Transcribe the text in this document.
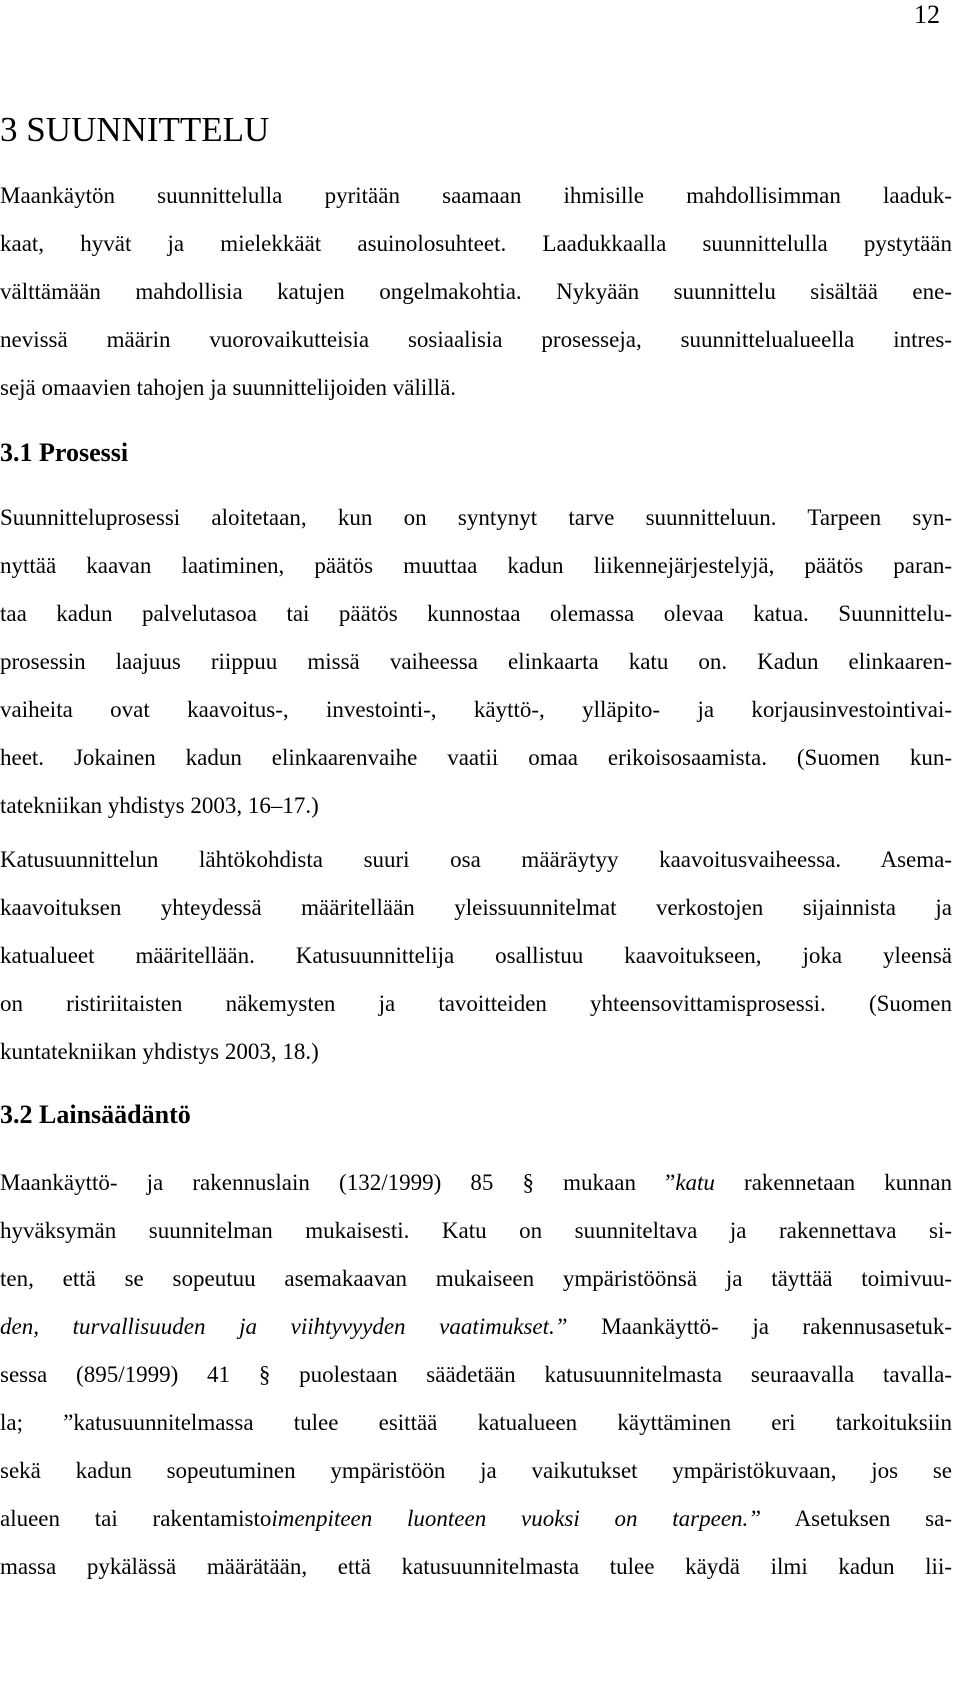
12
3 SUUNNITTELU
Maankäytön suunnittelulla pyritään saamaan ihmisille mahdollisimman laaduk-
kaat, hyvät ja mielekkäät asuinolosuhteet. Laadukkaalla suunnittelulla pystytään
välttämään mahdollisia katujen ongelmakohtia. Nykyään suunnittelu sisältää ene-
nevissä määrin vuorovaikutteisia sosiaalisia prosesseja, suunnittelualueella intres-
sejä omaavien tahojen ja suunnittelijoiden välillä.
3.1 Prosessi
Suunnitteluprosessi aloitetaan, kun on syntynyt tarve suunnitteluun. Tarpeen syn-
nyttää kaavan laatiminen, päätös muuttaa kadun liikennejärjestelyjä, päätös paran-
taa kadun palvelutasoa tai päätös kunnostaa olemassa olevaa katua. Suunnittelu-
prosessin laajuus riippuu missä vaiheessa elinkaarta katu on. Kadun elinkaaren-
vaiheita ovat kaavoitus-, investointi-, käyttö-, ylläpito- ja korjausinvestointivai-
heet. Jokainen kadun elinkaarenvaihe vaatii omaa erikoisosaamista. (Suomen kun-
tatekniikan yhdistys 2003, 16–17.)
Katusuunnittelun lähtökohdista suuri osa määräytyy kaavoitusvaiheessa. Asema-
kaavoituksen yhteydessä määritellään yleissuunnitelmat verkostojen sijainnista ja
katualueet määritellään. Katusuunnittelija osallistuu kaavoitukseen, joka yleensä
on ristiriitaisten näkemysten ja tavoitteiden yhteensovittamisprosessi. (Suomen
kuntatekniikan yhdistys 2003, 18.)
3.2 Lainsäädäntö
Maankäyttö- ja rakennuslain (132/1999) 85 § mukaan ”katu rakennetaan kunnan
hyväksymän suunnitelman mukaisesti. Katu on suunniteltava ja rakennettava si-
ten, että se sopeutuu asemakaavan mukaiseen ympäristöönsä ja täyttää toimivuu-
den, turvallisuuden ja viihtyvyyden vaatimukset.” Maankäyttö- ja rakennusasetuk-
sessa (895/1999) 41 § puolestaan säädetään katusuunnitelmasta seuraavalla tavalla-
la; ”katusuunnitelmassa tulee esittää katualueen käyttäminen eri tarkoituksiin
sekä kadun sopeutuminen ympäristöön ja vaikutukset ympäristökuvaan, jos se
alueen tai rakentamistoimenpiteen luonteen vuoksi on tarpeen.” Asetuksen sa-
massa pykälässä määrätään, että katusuunnitelmasta tulee käydä ilmi kadun lii-
